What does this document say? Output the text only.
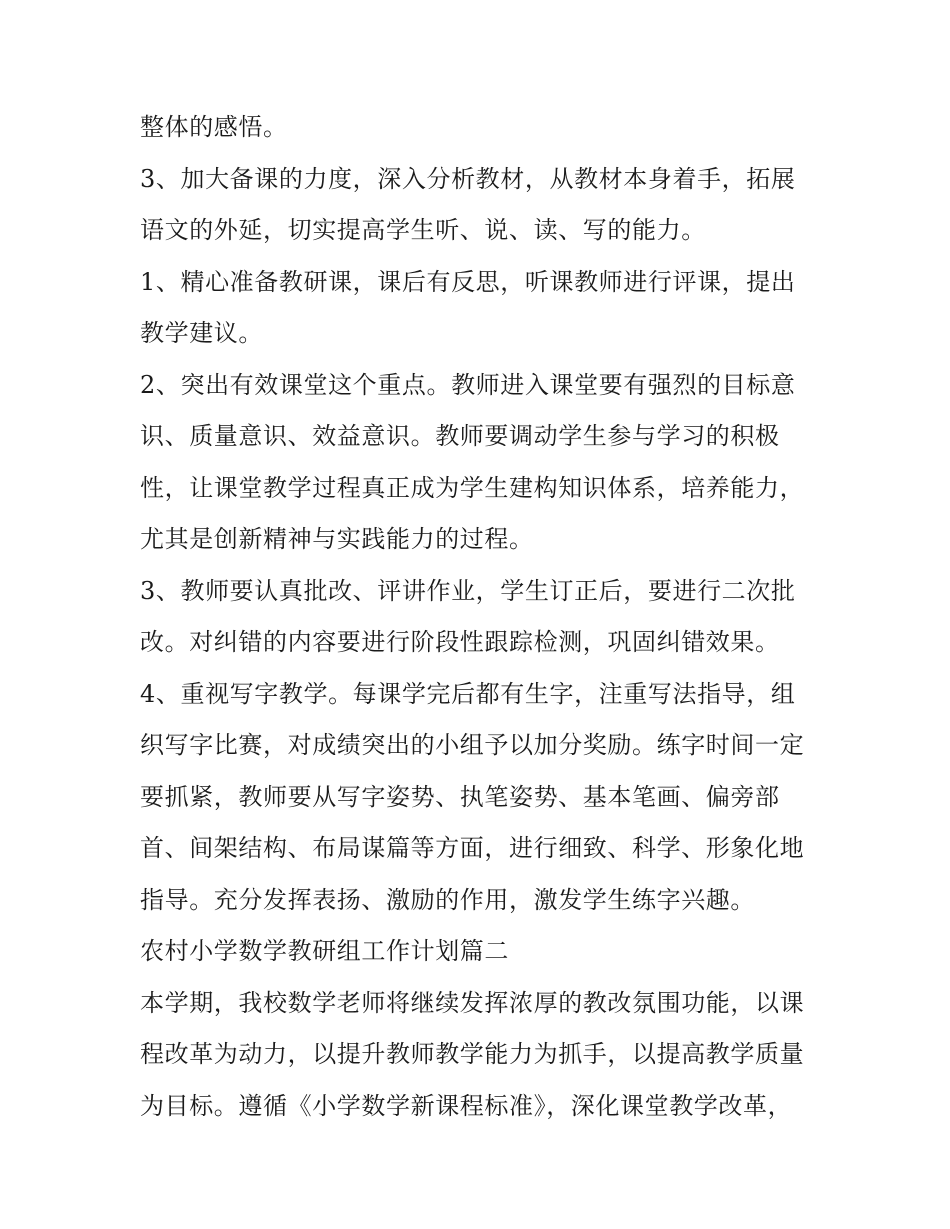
整体的感悟。
3、加大备课的力度，深入分析教材，从教材本身着手，拓展
语文的外延，切实提高学生听、说、读、写的能力。
1、精心准备教研课，课后有反思，听课教师进行评课，提出
教学建议。
2、突出有效课堂这个重点。教师进入课堂要有强烈的目标意
识、质量意识、效益意识。教师要调动学生参与学习的积极
性，让课堂教学过程真正成为学生建构知识体系，培养能力，
尤其是创新精神与实践能力的过程。
3、教师要认真批改、评讲作业，学生订正后，要进行二次批
改。对纠错的内容要进行阶段性跟踪检测，巩固纠错效果。
4、重视写字教学。每课学完后都有生字，注重写法指导，组
织写字比赛，对成绩突出的小组予以加分奖励。练字时间一定
要抓紧，教师要从写字姿势、执笔姿势、基本笔画、偏旁部
首、间架结构、布局谋篇等方面，进行细致、科学、形象化地
指导。充分发挥表扬、激励的作用，激发学生练字兴趣。
农村小学数学教研组工作计划篇二
本学期，我校数学老师将继续发挥浓厚的教改氛围功能，以课
程改革为动力，以提升教师教学能力为抓手，以提高教学质量
为目标。遵循《小学数学新课程标准》，深化课堂教学改革，
